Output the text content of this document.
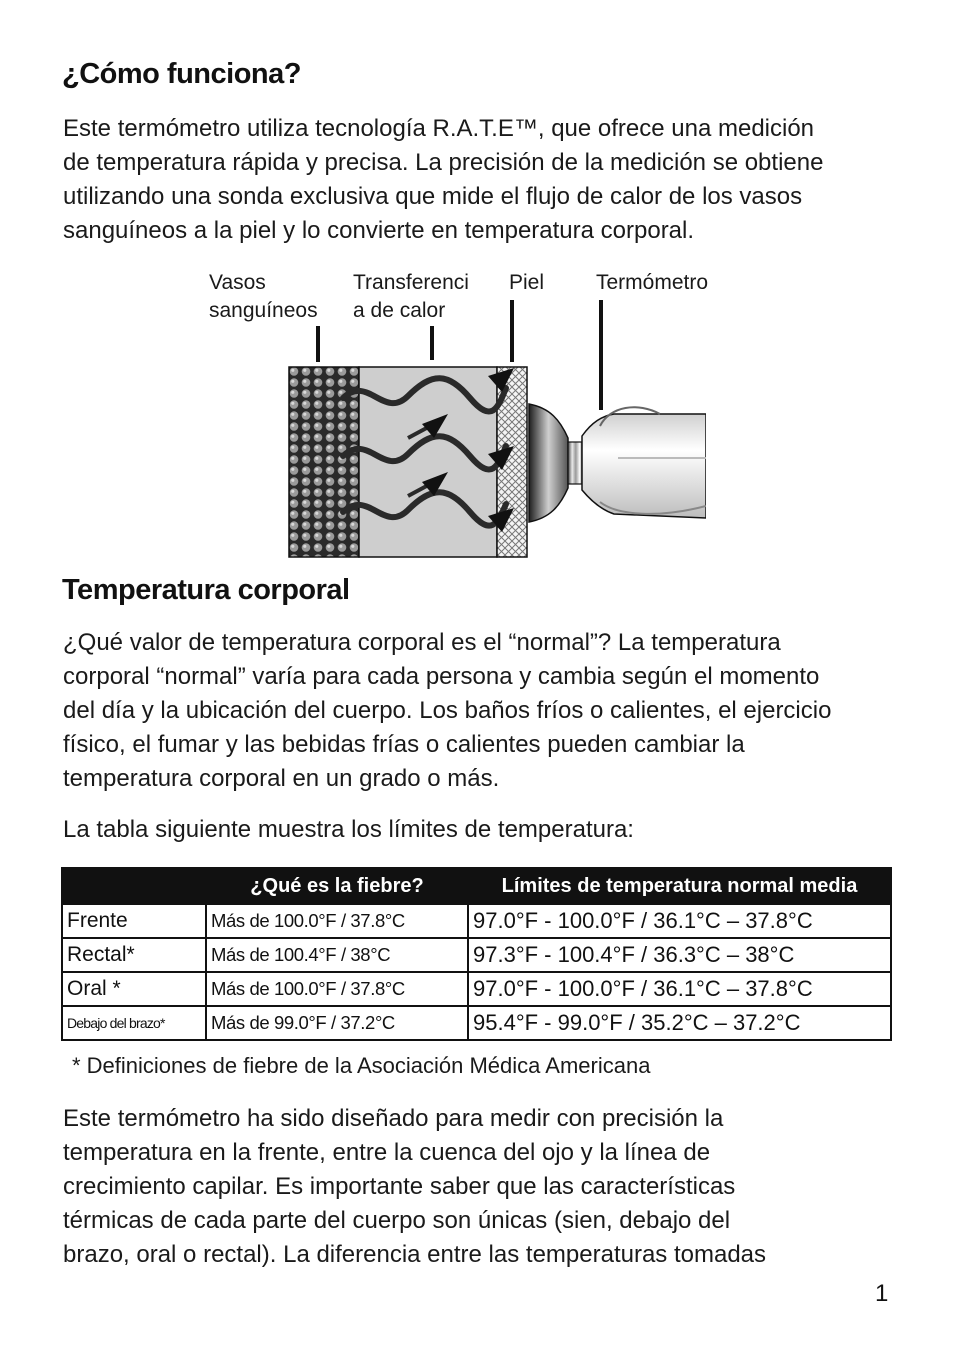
¿Cómo funciona?

Este termómetro utiliza tecnología R.A.T.E™, que ofrece una medición
de temperatura rápida y precisa. La precisión de la medición se obtiene
utilizando una sonda exclusiva que mide el flujo de calor de los vasos
sanguíneos a la piel y lo convierte en temperatura corporal.

Vasos
sanguíneos
Transferenci
a de calor
Piel Termómetro
Temperatura corporal

¿Qué valor de temperatura corporal es el “normal”? La temperatura
corporal “normal” varía para cada persona y cambia según el momento
del día y la ubicación del cuerpo. Los baños fríos o calientes, el ejercicio
físico, el fumar y las bebidas frías o calientes pueden cambiar la
temperatura corporal en un grado o más.

La tabla siguiente muestra los límites de temperatura:

	¿Qué es la fiebre?	Límites de temperatura normal media
Frente	Más de 100.0°F / 37.8°C	97.0°F - 100.0°F / 36.1°C – 37.8°C
Rectal*	Más de 100.4°F / 38°C	97.3°F - 100.4°F / 36.3°C – 38°C
Oral *	Más de 100.0°F / 37.8°C	97.0°F - 100.0°F / 36.1°C – 37.8°C
Debajo del brazo*	Más de 99.0°F / 37.2°C	95.4°F - 99.0°F / 35.2°C – 37.2°C
* Definiciones de fiebre de la Asociación Médica Americana

Este termómetro ha sido diseñado para medir con precisión la
temperatura en la frente, entre la cuenca del ojo y la línea de
crecimiento capilar. Es importante saber que las características
térmicas de cada parte del cuerpo son únicas (sien, debajo del
brazo, oral o rectal). La diferencia entre las temperaturas tomadas

1
